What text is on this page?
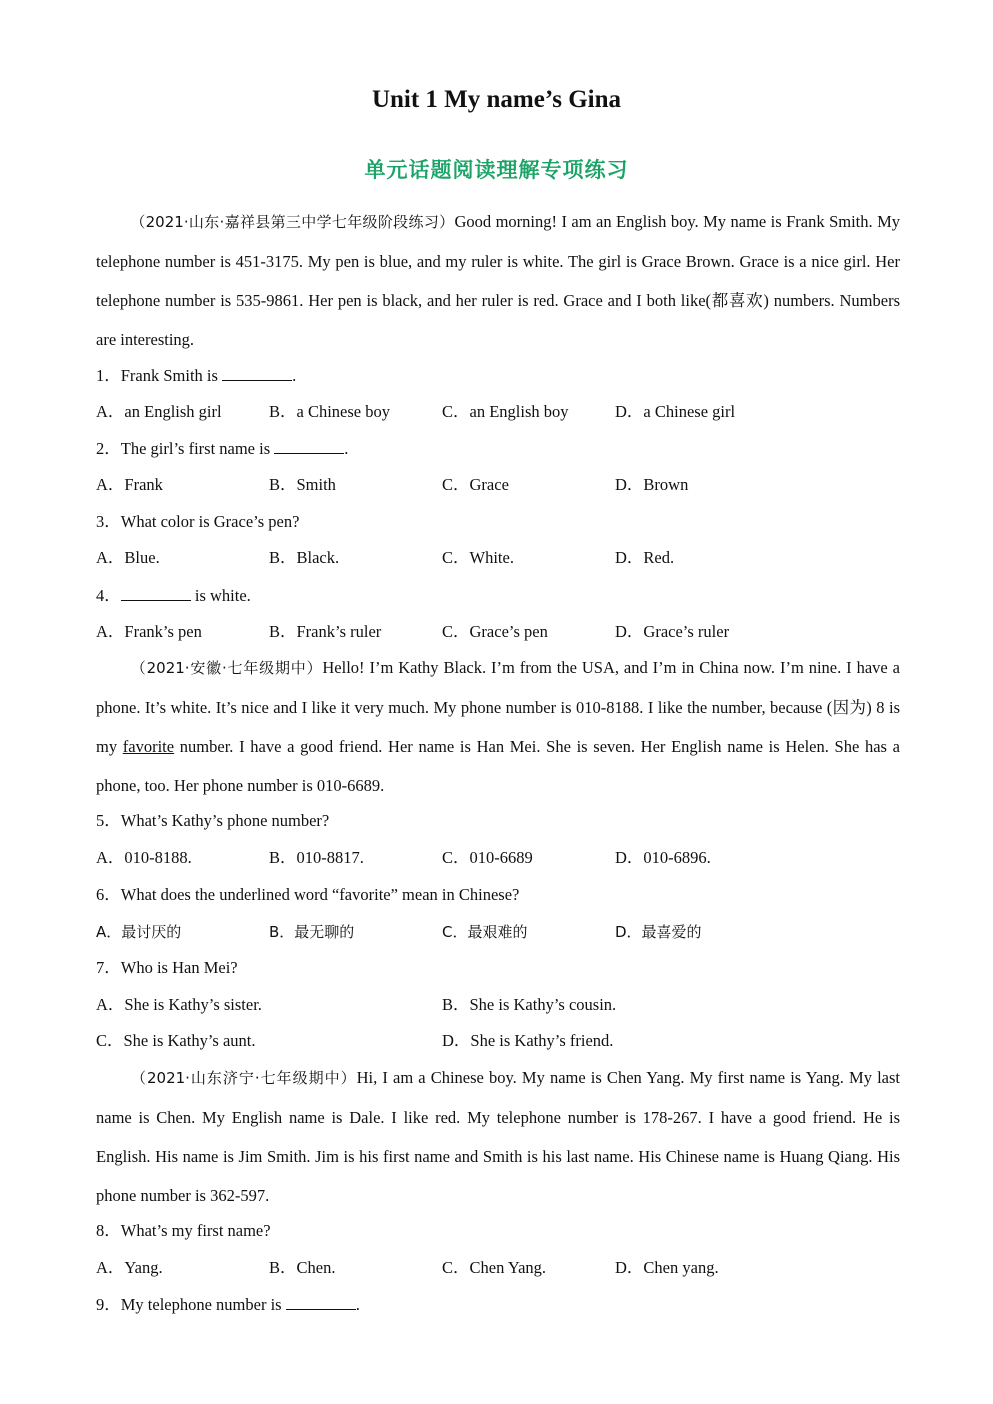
Unit 1 My name’s Gina
单元话题阅读理解专项练习
（2021·山东·嘉祥县第三中学七年级阶段练习）Good morning! I am an English boy. My name is Frank Smith. My telephone number is 451-3175. My pen is blue, and my ruler is white. The girl is Grace Brown. Grace is a nice girl. Her telephone number is 535-9861. Her pen is black, and her ruler is red. Grace and I both like(都喜欢) numbers. Numbers are interesting.
1．Frank Smith is	.
A．an English girl	B．a Chinese boy	C．an English boy	D．a Chinese girl
2．The girl’s first name is	.
A．Frank	B．Smith	C．Grace	D．Brown
3．What color is Grace’s pen?
A．Blue.	B．Black.	C．White.	D．Red.
4．	is white.
A．Frank’s pen	B．Frank’s ruler	C．Grace’s pen	D．Grace’s ruler
（2021·安徽·七年级期中）Hello! I’m Kathy Black. I’m from the USA, and I’m in China now. I’m nine. I have a phone. It’s white. It’s nice and I like it very much. My phone number is 010-8188. I like the number, because (因为) 8 is my favorite number. I have a good friend. Her name is Han Mei. She is seven. Her English name is Helen. She has a phone, too. Her phone number is 010-6689.
5．What’s Kathy’s phone number?
A．010-8188.	B．010-8817.	C．010-6689	D．010-6896.
6．What does the underlined word “favorite” mean in Chinese?
A．最讨厌的	B．最无聊的	C．最艰难的	D．最喜爱的
7．Who is Han Mei?
A．She is Kathy’s sister.	B．She is Kathy’s cousin.
C．She is Kathy’s aunt.	D．She is Kathy’s friend.
（2021·山东济宁·七年级期中）Hi, I am a Chinese boy. My name is Chen Yang. My first name is Yang. My last name is Chen. My English name is Dale. I like red. My telephone number is 178-267. I have a good friend. He is English. His name is Jim Smith. Jim is his first name and Smith is his last name. His Chinese name is Huang Qiang. His phone number is 362-597.
8．What’s my first name?
A．Yang.	B．Chen.	C．Chen Yang.	D．Chen yang.
9．My telephone number is	.
